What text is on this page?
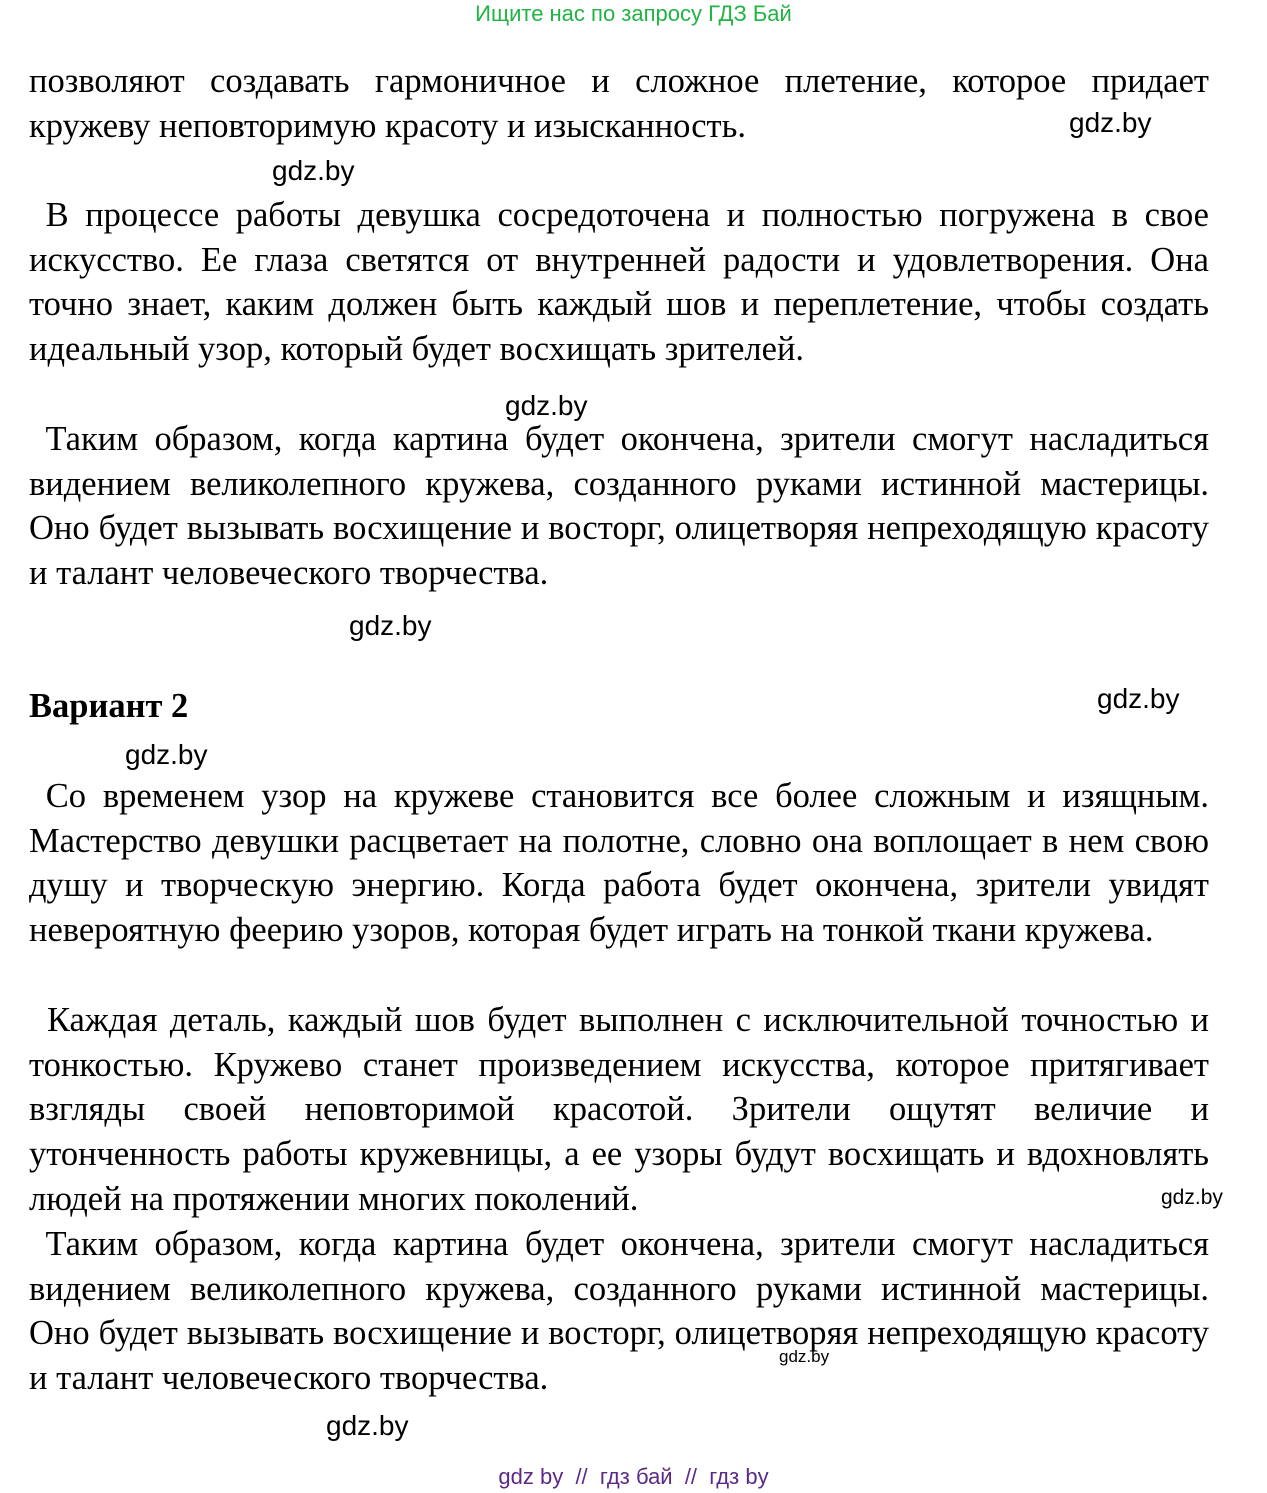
Ищите нас по запросу ГДЗ Бай

позволяют создавать гармоничное и сложное плетение, которое придает кружеву неповторимую красоту и изысканность.

В процессе работы девушка сосредоточена и полностью погружена в свое искусство. Ее глаза светятся от внутренней радости и удовлетворения. Она точно знает, каким должен быть каждый шов и переплетение, чтобы создать идеальный узор, который будет восхищать зрителей.

Таким образом, когда картина будет окончена, зрители смогут насладиться видением великолепного кружева, созданного руками истинной мастерицы. Оно будет вызывать восхищение и восторг, олицетворяя непреходящую красоту и талант человеческого творчества.

Вариант 2

Со временем узор на кружеве становится все более сложным и изящным. Мастерство девушки расцветает на полотне, словно она воплощает в нем свою душу и творческую энергию. Когда работа будет окончена, зрители увидят невероятную феерию узоров, которая будет играть на тонкой ткани кружева.

Каждая деталь, каждый шов будет выполнен с исключительной точностью и тонкостью. Кружево станет произведением искусства, которое притягивает взгляды своей неповторимой красотой. Зрители ощутят величие и утонченность работы кружевницы, а ее узоры будут восхищать и вдохновлять людей на протяжении многих поколений.

Таким образом, когда картина будет окончена, зрители смогут насладиться видением великолепного кружева, созданного руками истинной мастерицы. Оно будет вызывать восхищение и восторг, олицетворяя непреходящую красоту и талант человеческого творчества.

gdz.by
gdz.by
gdz.by
gdz.by
gdz.by
gdz.by
gdz.by
gdz.by
gdz.by
gdz by  //  гдз бай  //  гдз by
